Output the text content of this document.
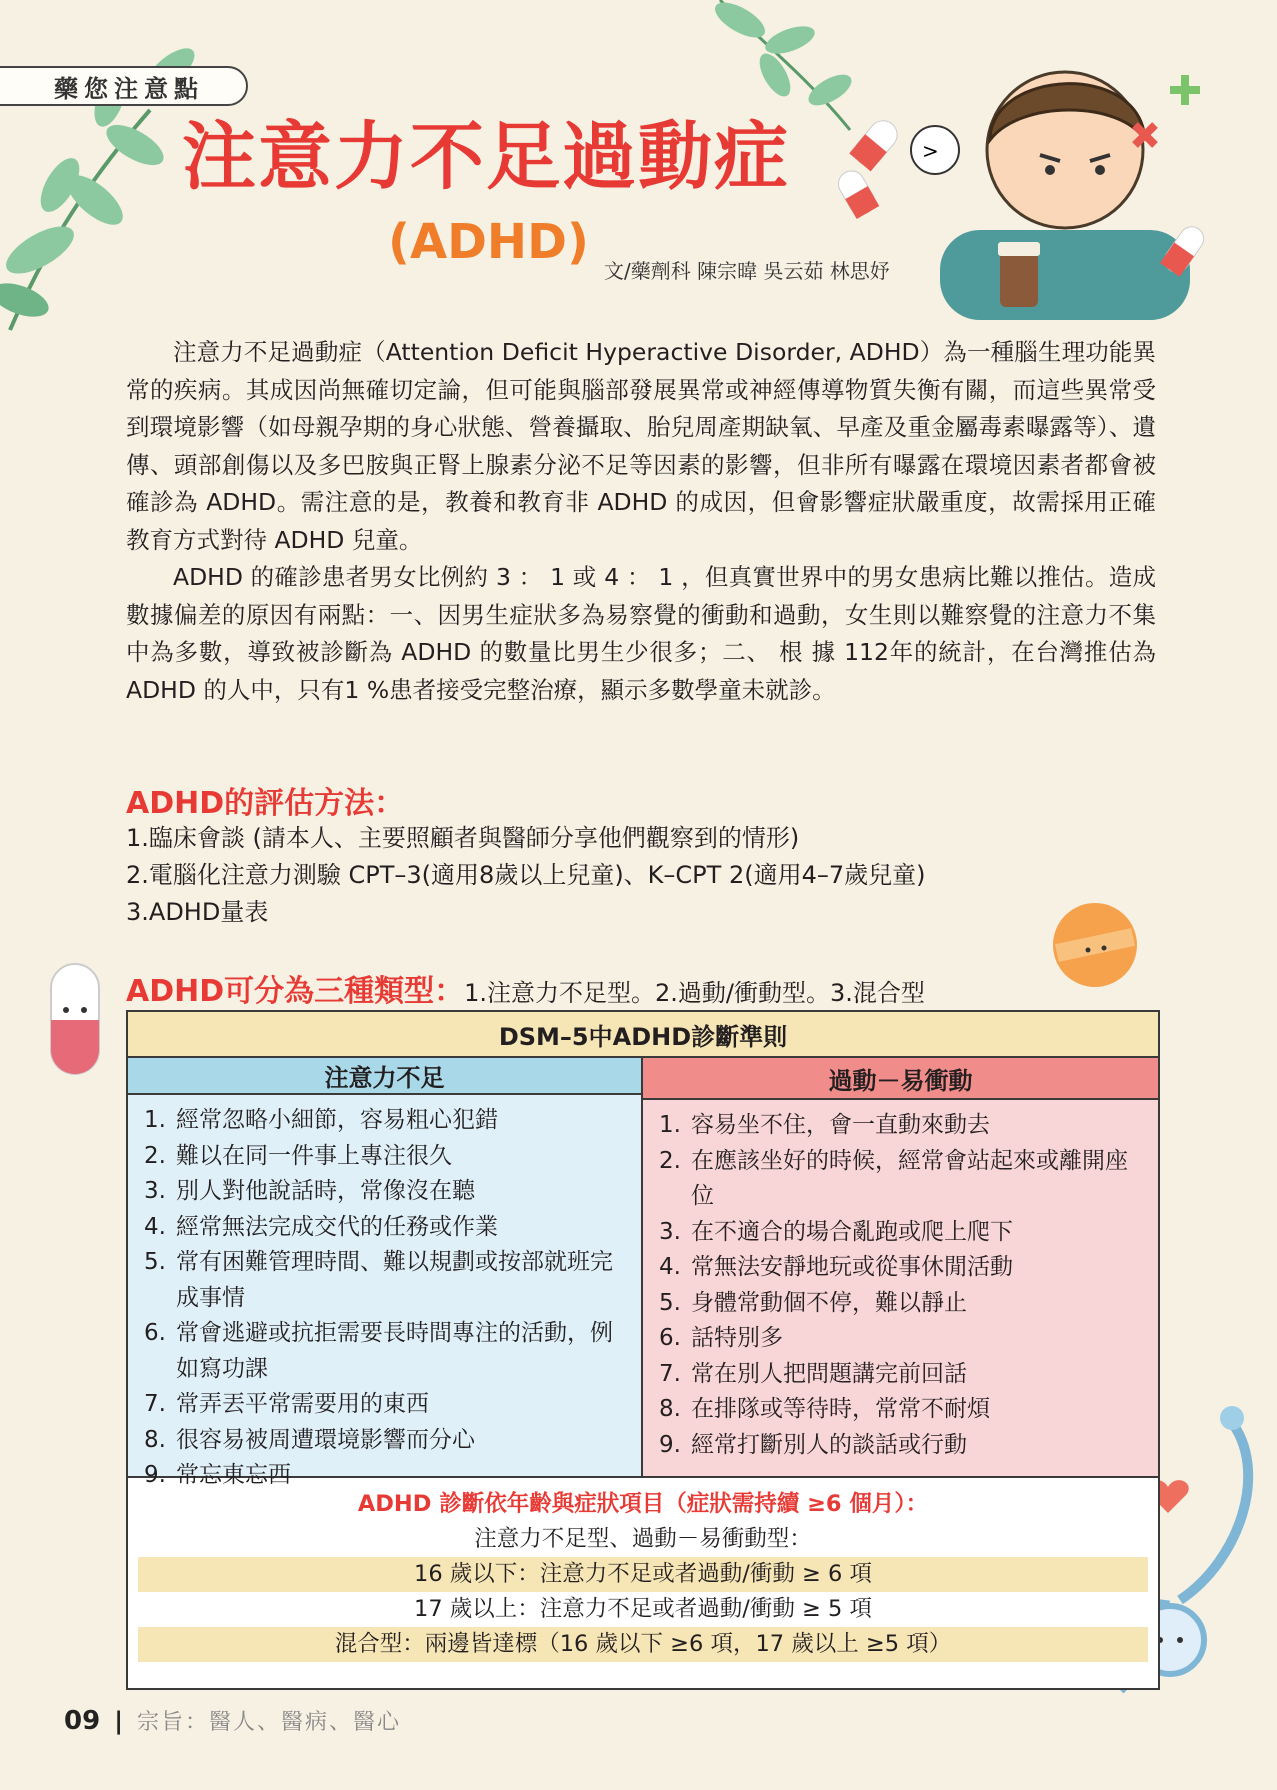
>
藥您注意點
注意力不足過動症
(ADHD)
文/藥劑科 陳宗暐 吳云茹 林思妤

注意力不足過動症（Attention Deficit Hyperactive Disorder, ADHD）為一種腦生理功能異常的疾病。其成因尚無確切定論，但可能與腦部發展異常或神經傳導物質失衡有關，而這些異常受到環境影響（如母親孕期的身心狀態、營養攝取、胎兒周產期缺氧、早產及重金屬毒素曝露等）、遺傳、頭部創傷以及多巴胺與正腎上腺素分泌不足等因素的影響，但非所有曝露在環境因素者都會被確診為 ADHD。需注意的是，教養和教育非 ADHD 的成因，但會影響症狀嚴重度，故需採用正確教育方式對待 ADHD 兒童。

ADHD 的確診患者男女比例約 3 ： 1 或 4 ： 1 ，但真實世界中的男女患病比難以推估。造成數據偏差的原因有兩點：一、因男生症狀多為易察覺的衝動和過動，女生則以難察覺的注意力不集中為多數，導致被診斷為 ADHD 的數量比男生少很多；二、 根 據 112年的統計，在台灣推估為 ADHD 的人中，只有1 %患者接受完整治療，顯示多數學童未就診。

ADHD的評估方法：
1.臨床會談 (請本人、主要照顧者與醫師分享他們觀察到的情形)
2.電腦化注意力測驗 CPT–3(適用8歲以上兒童)、K–CPT 2(適用4–7歲兒童)
3.ADHD量表
ADHD可分為三種類型：1.注意力不足型。2.過動/衝動型。3.混合型
DSM–5中ADHD診斷準則
注意力不足
1. 經常忽略小細節，容易粗心犯錯
2. 難以在同一件事上專注很久
3. 別人對他說話時，常像沒在聽
4. 經常無法完成交代的任務或作業
5. 常有困難管理時間、難以規劃或按部就班完成事情
6. 常會逃避或抗拒需要長時間專注的活動，例如寫功課
7. 常弄丟平常需要用的東西
8. 很容易被周遭環境影響而分心
9. 常忘東忘西
過動－易衝動
1. 容易坐不住，會一直動來動去
2. 在應該坐好的時候，經常會站起來或離開座位
3. 在不適合的場合亂跑或爬上爬下
4. 常無法安靜地玩或從事休閒活動
5. 身體常動個不停，難以靜止
6. 話特別多
7. 常在別人把問題講完前回話
8. 在排隊或等待時，常常不耐煩
9. 經常打斷別人的談話或行動
ADHD 診斷依年齡與症狀項目（症狀需持續 ≥6 個月）：
注意力不足型、過動－易衝動型：
16 歲以下：注意力不足或者過動/衝動 ≥ 6 項
17 歲以上：注意力不足或者過動/衝動 ≥ 5 項
混合型：兩邊皆達標（16 歲以下 ≥6 項，17 歲以上 ≥5 項）
09 | 宗旨：醫人、醫病、醫心
